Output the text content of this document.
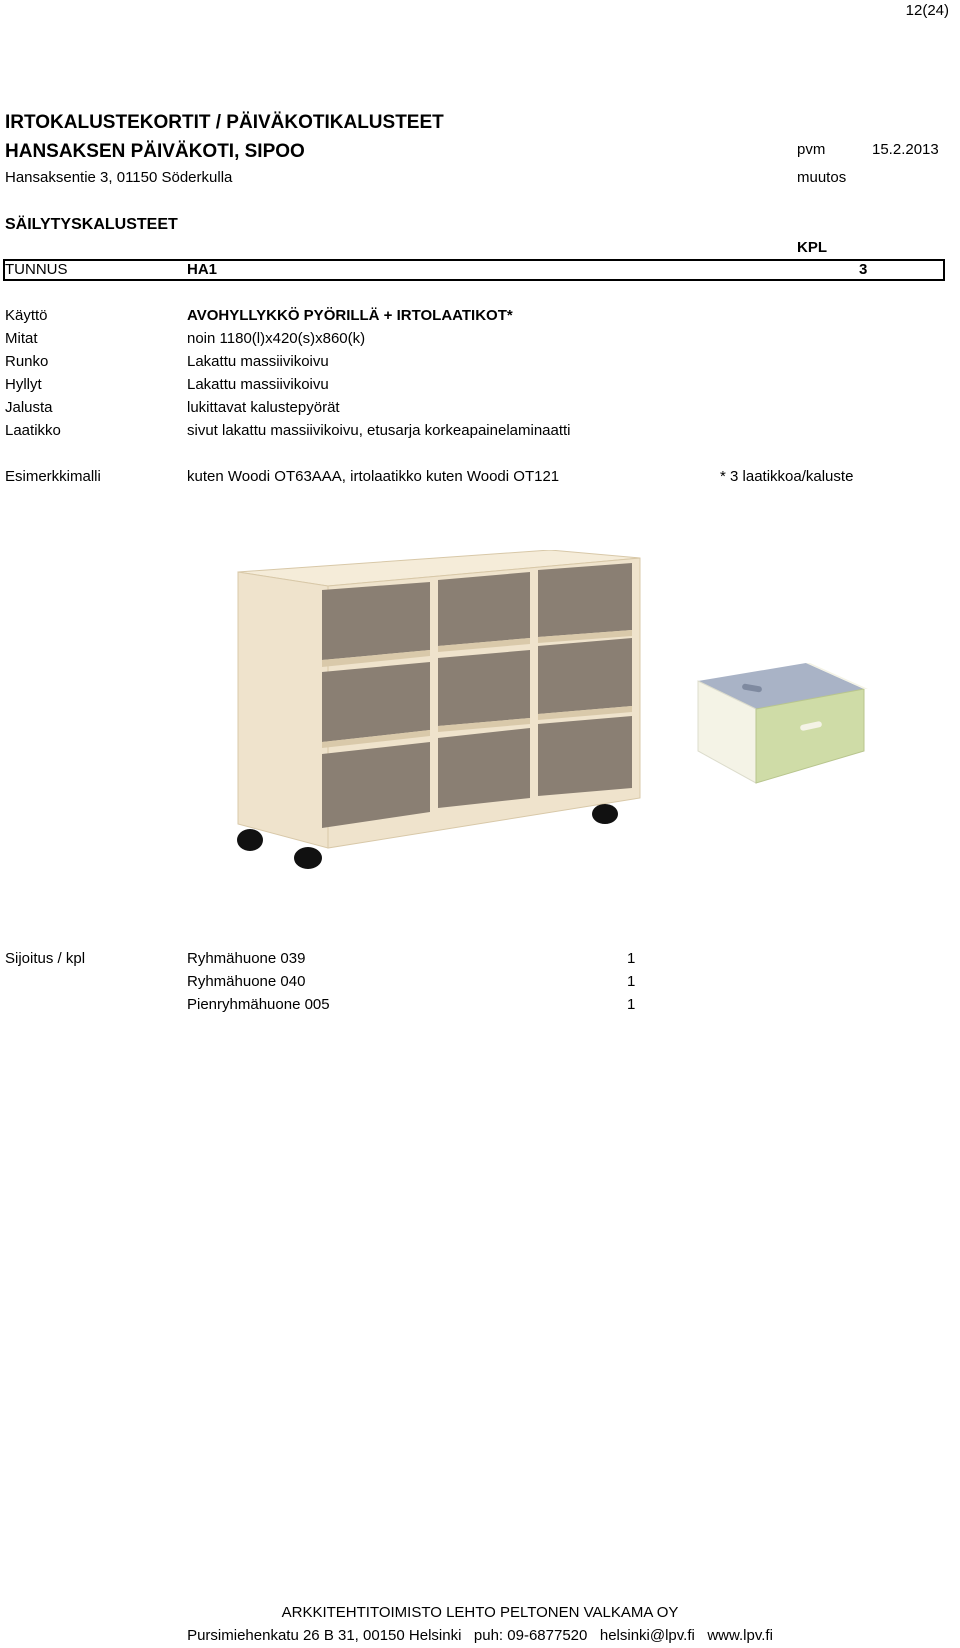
12(24)
IRTOKALUSTEKORTIT / PÄIVÄKOTIKALUSTEET
HANSAKSEN PÄIVÄKOTI, SIPOO
Hansaksentie 3, 01150 Söderkulla
pvm	15.2.2013
muutos
SÄILYTYSKALUSTEET
KPL
TUNNUS	HA1	3
Käyttö	AVOHYLLYKKÖ PYÖRILLÄ + IRTOLAATIKOT*
Mitat	noin 1180(l)x420(s)x860(k)
Runko	Lakattu massiivikoivu
Hyllyt	Lakattu massiivikoivu
Jalusta	lukittavat kalustepyörät
Laatikko	sivut lakattu massiivikoivu, etusarja korkeapainelaminaatti
Esimerkkimalli	kuten Woodi OT63AAA, irtolaatikko kuten Woodi OT121	* 3 laatikkoa/kaluste
Sijoitus / kpl	Ryhmähuone 039	1
Ryhmähuone 040	1
Pienryhmähuone 005	1
ARKKITEHTITOIMISTO LEHTO PELTONEN VALKAMA OY
Pursimiehenkatu 26 B 31, 00150 Helsinki   puh: 09-6877520   helsinki@lpv.fi   www.lpv.fi
